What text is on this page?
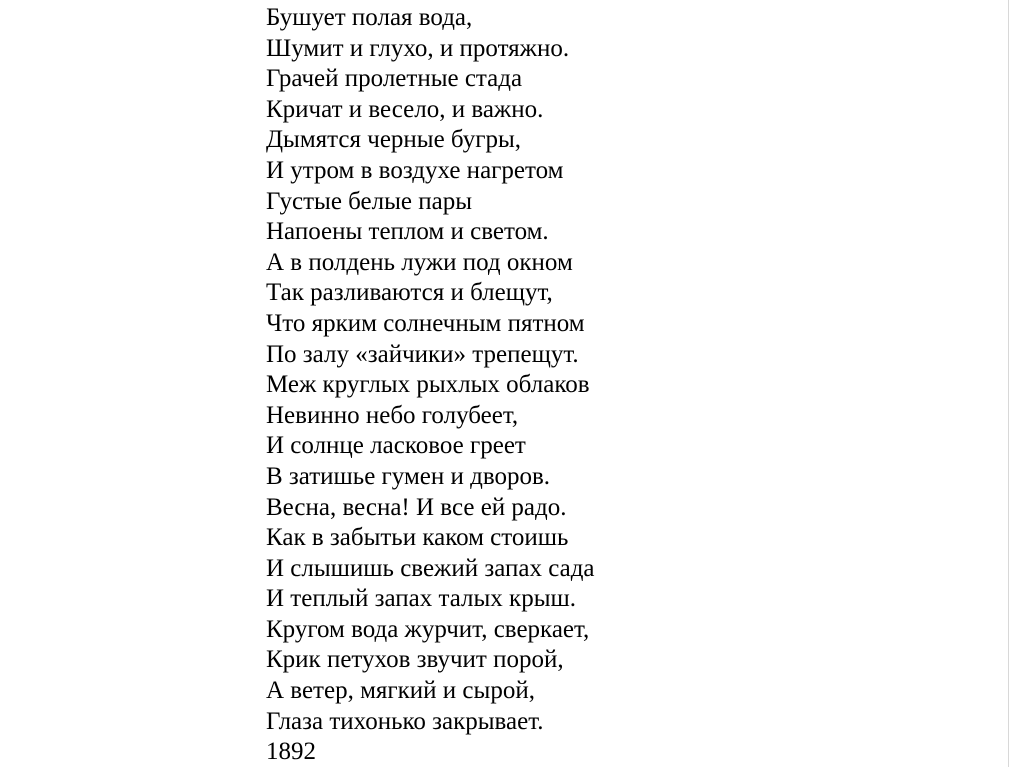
Бушует полая вода,
Шумит и глухо, и протяжно.
Грачей пролетные стада
Кричат и весело, и важно.
Дымятся черные бугры,
И утром в воздухе нагретом
Густые белые пары
Напоены теплом и светом.
А в полдень лужи под окном
Так разливаются и блещут,
Что ярким солнечным пятном
По залу «зайчики» трепещут.
Меж круглых рыхлых облаков
Невинно небо голубеет,
И солнце ласковое греет
В затишье гумен и дворов.
Весна, весна! И все ей радо.
Как в забытьи каком стоишь
И слышишь свежий запах сада
И теплый запах талых крыш.
Кругом вода журчит, сверкает,
Крик петухов звучит порой,
А ветер, мягкий и сырой,
Глаза тихонько закрывает.
1892
